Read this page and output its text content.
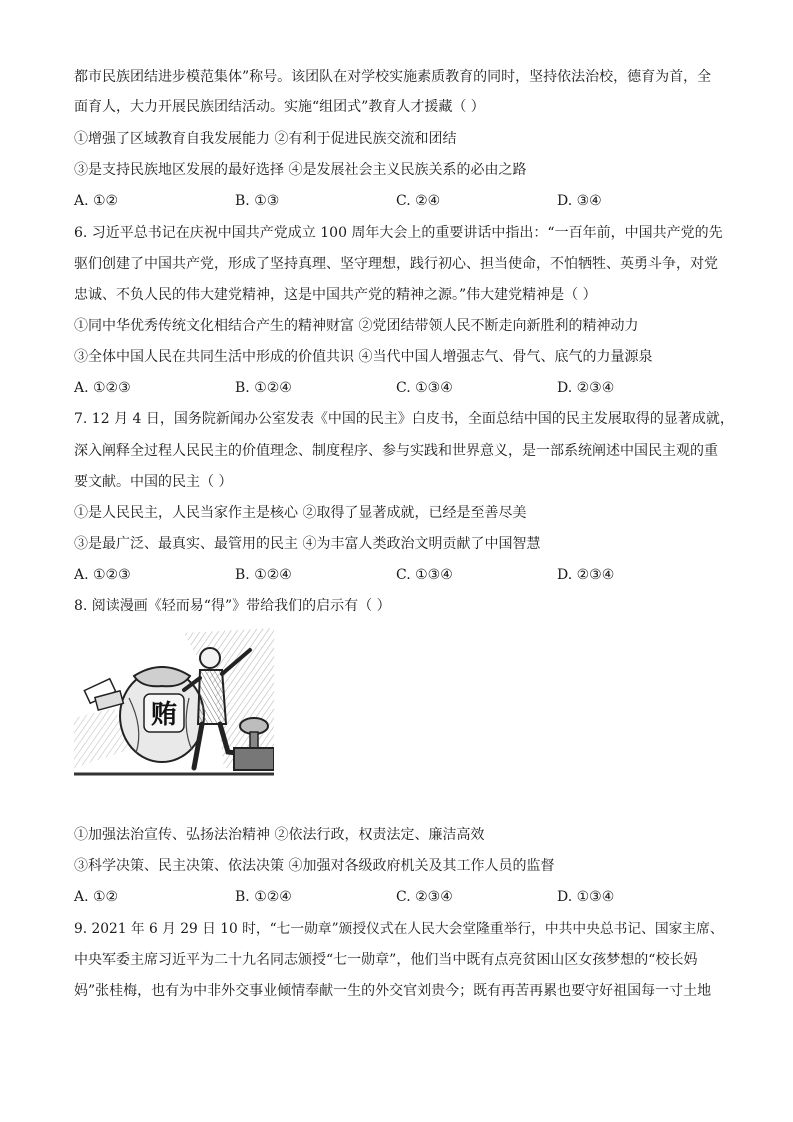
都市民族团结进步模范集体”称号。该团队在对学校实施素质教育的同时，坚持依法治校，德育为首，全
面育人，大力开展民族团结活动。实施“组团式”教育人才援藏（ ）
①增强了区域教育自我发展能力 ②有利于促进民族交流和团结
③是支持民族地区发展的最好选择 ④是发展社会主义民族关系的必由之路
A. ①②	B. ①③	C. ②④	D. ③④
6. 习近平总书记在庆祝中国共产党成立 100 周年大会上的重要讲话中指出：“一百年前，中国共产党的先
驱们创建了中国共产党，形成了坚持真理、坚守理想，践行初心、担当使命，不怕牺牲、英勇斗争，对党
忠诚、不负人民的伟大建党精神，这是中国共产党的精神之源。”伟大建党精神是（ ）
①同中华优秀传统文化相结合产生的精神财富 ②党团结带领人民不断走向新胜利的精神动力
③全体中国人民在共同生活中形成的价值共识 ④当代中国人增强志气、骨气、底气的力量源泉
A. ①②③	B. ①②④	C. ①③④	D. ②③④
7. 12 月 4 日，国务院新闻办公室发表《中国的民主》白皮书，全面总结中国的民主发展取得的显著成就，
深入阐释全过程人民民主的价值理念、制度程序、参与实践和世界意义，是一部系统阐述中国民主观的重
要文献。中国的民主（ ）
①是人民民主，人民当家作主是核心 ②取得了显著成就，已经是至善尽美
③是最广泛、最真实、最管用的民主 ④为丰富人类政治文明贡献了中国智慧
A. ①②③	B. ①②④	C. ①③④	D. ②③④
8. 阅读漫画《轻而易“得”》带给我们的启示有（ ）
贿
①加强法治宣传、弘扬法治精神 ②依法行政，权责法定、廉洁高效
③科学决策、民主决策、依法决策 ④加强对各级政府机关及其工作人员的监督
A. ①②	B. ①②④	C. ②③④	D. ①③④
9. 2021 年 6 月 29 日 10 时，“七一勋章”颁授仪式在人民大会堂隆重举行，中共中央总书记、国家主席、
中央军委主席习近平为二十九名同志颁授“七一勋章”，他们当中既有点亮贫困山区女孩梦想的“校长妈
妈”张桂梅，也有为中非外交事业倾情奉献一生的外交官刘贵今；既有再苦再累也要守好祖国每一寸土地
